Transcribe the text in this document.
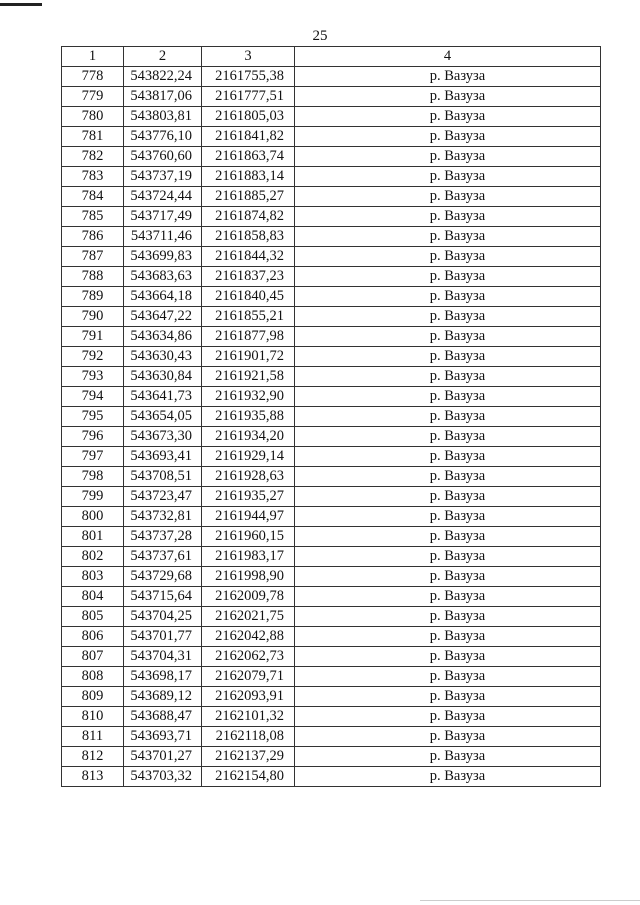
25
1	2	3	4
778	543822,24	2161755,38	р. Вазуза
779	543817,06	2161777,51	р. Вазуза
780	543803,81	2161805,03	р. Вазуза
781	543776,10	2161841,82	р. Вазуза
782	543760,60	2161863,74	р. Вазуза
783	543737,19	2161883,14	р. Вазуза
784	543724,44	2161885,27	р. Вазуза
785	543717,49	2161874,82	р. Вазуза
786	543711,46	2161858,83	р. Вазуза
787	543699,83	2161844,32	р. Вазуза
788	543683,63	2161837,23	р. Вазуза
789	543664,18	2161840,45	р. Вазуза
790	543647,22	2161855,21	р. Вазуза
791	543634,86	2161877,98	р. Вазуза
792	543630,43	2161901,72	р. Вазуза
793	543630,84	2161921,58	р. Вазуза
794	543641,73	2161932,90	р. Вазуза
795	543654,05	2161935,88	р. Вазуза
796	543673,30	2161934,20	р. Вазуза
797	543693,41	2161929,14	р. Вазуза
798	543708,51	2161928,63	р. Вазуза
799	543723,47	2161935,27	р. Вазуза
800	543732,81	2161944,97	р. Вазуза
801	543737,28	2161960,15	р. Вазуза
802	543737,61	2161983,17	р. Вазуза
803	543729,68	2161998,90	р. Вазуза
804	543715,64	2162009,78	р. Вазуза
805	543704,25	2162021,75	р. Вазуза
806	543701,77	2162042,88	р. Вазуза
807	543704,31	2162062,73	р. Вазуза
808	543698,17	2162079,71	р. Вазуза
809	543689,12	2162093,91	р. Вазуза
810	543688,47	2162101,32	р. Вазуза
811	543693,71	2162118,08	р. Вазуза
812	543701,27	2162137,29	р. Вазуза
813	543703,32	2162154,80	р. Вазуза
